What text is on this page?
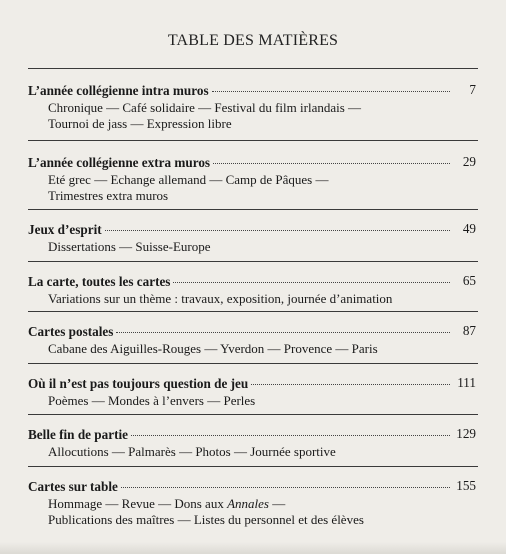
TABLE DES MATIÈRES
L’année collégienne intra muros	7
Chronique — Café solidaire — Festival du film irlandais —
Tournoi de jass — Expression libre
L’année collégienne extra muros	29
Eté grec — Echange allemand — Camp de Pâques —
Trimestres extra muros
Jeux d’esprit	49
Dissertations — Suisse-Europe
La carte, toutes les cartes	65
Variations sur un thème : travaux, exposition, journée d’animation
Cartes postales	87
Cabane des Aiguilles-Rouges — Yverdon — Provence — Paris
Où il n’est pas toujours question de jeu	111
Poèmes — Mondes à l’envers — Perles
Belle fin de partie	129
Allocutions — Palmarès — Photos — Journée sportive
Cartes sur table	155
Hommage — Revue — Dons aux Annales —
Publications des maîtres — Listes du personnel et des élèves
